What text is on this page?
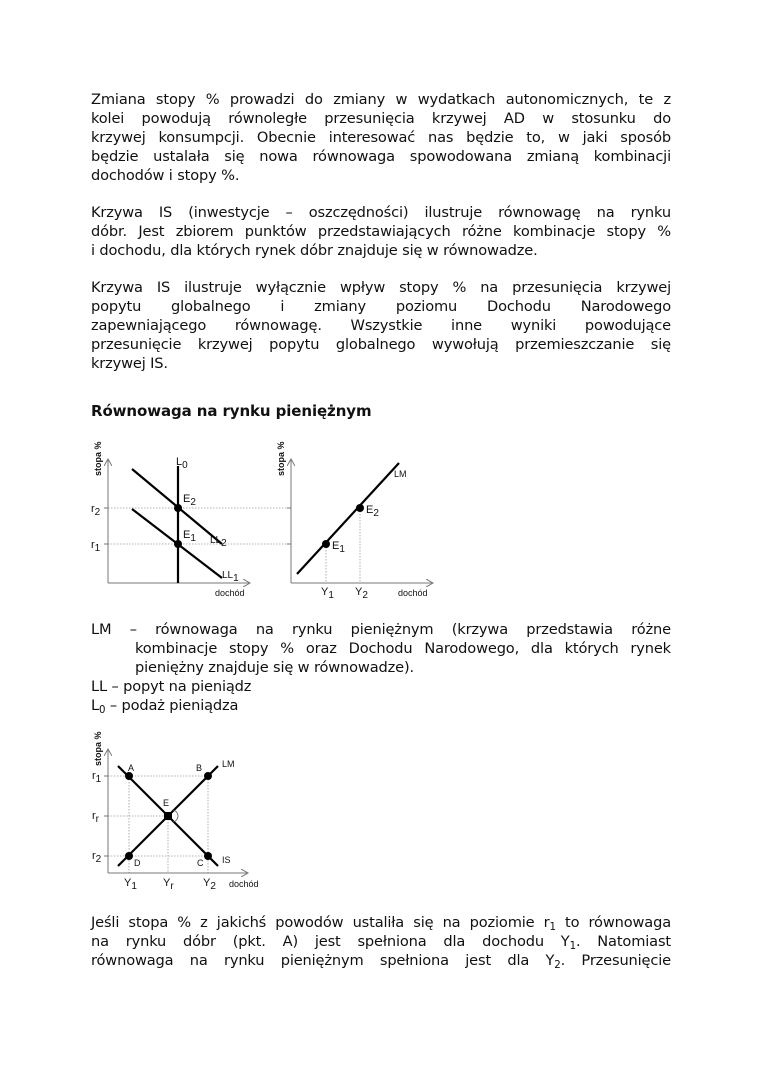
Zmiana stopy % prowadzi do zmiany w wydatkach autonomicznych, te z
kolei powodują równoległe przesunięcia krzywej AD w stosunku do
krzywej konsumpcji. Obecnie interesować nas będzie to, w jaki sposób
będzie ustalała się nowa równowaga spowodowana zmianą kombinacji
dochodów i stopy %.
Krzywa IS (inwestycje – oszczędności) ilustruje równowagę na rynku
dóbr. Jest zbiorem punktów przedstawiających różne kombinacje stopy %
i dochodu, dla których rynek dóbr znajduje się w równowadze.
Krzywa IS ilustruje wyłącznie wpływ stopy % na przesunięcia krzywej
popytu globalnego i zmiany poziomu Dochodu Narodowego
zapewniającego równowagę. Wszystkie inne wyniki powodujące
przesunięcie krzywej popytu globalnego wywołują przemieszczanie się
krzywej IS.
Równowaga na rynku pieniężnym
stopa %
dochód
r2
r1
L0
LL2
LL1
E2
E1
stopa %
dochód
LM
E2
E1
Y1 Y2
stopa %
dochód
r1
rr
r2
LM
IS
A	B
C
D
E
Y1 Yr	Y2
LM – równowaga na rynku pieniężnym (krzywa przedstawia różne
kombinacje stopy % oraz Dochodu Narodowego, dla których rynek
pieniężny znajduje się w równowadze).
LL – popyt na pieniądz
$L_0$ – podaż pieniądza
Jeśli stopa % z jakichś powodów ustaliła się na poziomie $r_1$ to równowaga
na rynku dóbr (pkt. A) jest spełniona dla dochodu $Y_1$. Natomiast
równowaga na rynku pieniężnym spełniona jest dla $Y_2$. Przesunięcie
